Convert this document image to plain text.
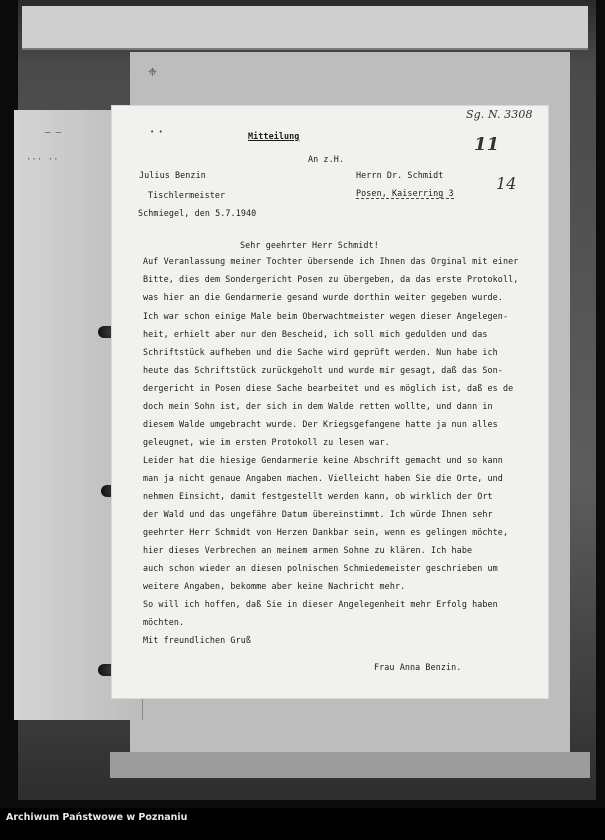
⌖
— —
··· ··
• •	Mitteilung
An z.H.
Julius Benzin	Herrn Dr. Schmidt
Tischlermeister	Posen, Kaiserring 3
Schmiegel, den 5.7.1940
Sg. N. 3308
11
14
Sehr geehrter Herr Schmidt!
Auf Veranlassung meiner Tochter übersende ich Ihnen das Orginal mit einer
Bitte, dies dem Sondergericht Posen zu übergeben, da das erste Protokoll,
was hier an die Gendarmerie gesand wurde dorthin weiter gegeben wurde.
Ich war schon einige Male beim Oberwachtmeister wegen dieser Angelegen-
heit, erhielt aber nur den Bescheid, ich soll mich gedulden und das
Schriftstück aufheben und die Sache wird geprüft werden. Nun habe ich
heute das Schriftstück zurückgeholt und wurde mir gesagt, daß das Son-
dergericht in Posen diese Sache bearbeitet und es möglich ist, daß es de
doch mein Sohn ist, der sich in dem Walde retten wollte, und dann in
diesem Walde umgebracht wurde. Der Kriegsgefangene hatte ja nun alles
geleugnet, wie im ersten Protokoll zu lesen war.
Leider hat die hiesige Gendarmerie keine Abschrift gemacht und so kann
man ja nicht genaue Angaben machen. Vielleicht haben Sie die Orte, und
nehmen Einsicht, damit festgestellt werden kann, ob wirklich der Ort
der Wald und das ungefähre Datum übereinstimmt. Ich würde Ihnen sehr
geehrter Herr Schmidt von Herzen Dankbar sein, wenn es gelingen möchte,
hier dieses Verbrechen an meinem armen Sohne zu klären. Ich habe
auch schon wieder an diesen polnischen Schmiedemeister geschrieben um
weitere Angaben, bekomme aber keine Nachricht mehr.
So will ich hoffen, daß Sie in dieser Angelegenheit mehr Erfolg haben
möchten.
Mit freundlichen Gruß
Frau Anna Benzin.
Archiwum Państwowe w Poznaniu
